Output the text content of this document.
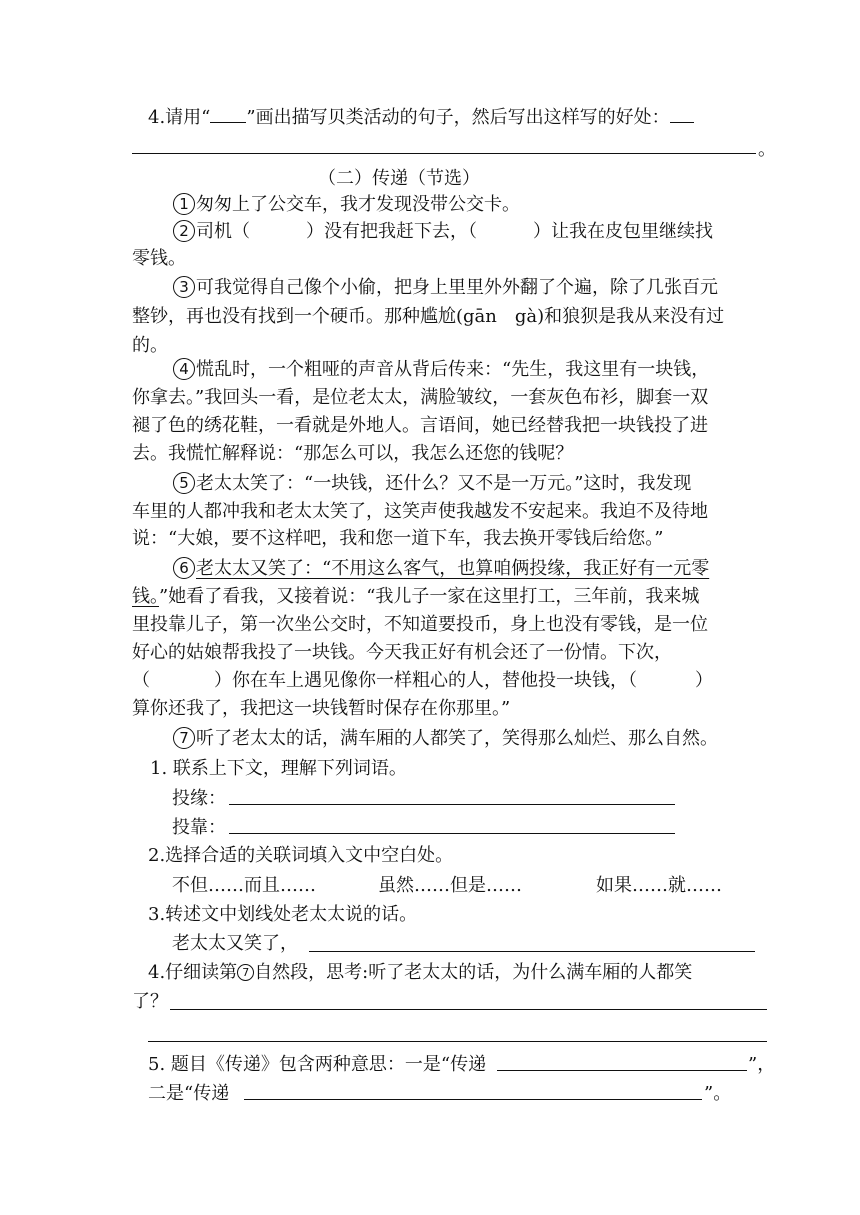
4.请用“ ”画出描写贝类活动的句子，然后写出这样写的好处：
。
（二）传递（节选）
1 匆匆上了公交车，我才发现没带公交卡。
2 司机（	）没有把我赶下去，（	）让我在皮包里继续找
零钱。
3 可我觉得自己像个小偷，把身上里里外外翻了个遍，除了几张百元
整钞，再也没有找到一个硬币。那种尴尬(gān　gà)和狼狈是我从来没有过
的。
4 慌乱时，一个粗哑的声音从背后传来：“先生，我这里有一块钱，
你拿去。”我回头一看，是位老太太，满脸皱纹，一套灰色布衫，脚套一双
褪了色的绣花鞋，一看就是外地人。言语间，她已经替我把一块钱投了进
去。我慌忙解释说：“那怎么可以，我怎么还您的钱呢？
5 老太太笑了：“一块钱，还什么？又不是一万元。”这时，我发现
车里的人都冲我和老太太笑了，这笑声使我越发不安起来。我迫不及待地
说：“大娘，要不这样吧，我和您一道下车，我去换开零钱后给您。”
6 老太太又笑了：“不用这么客气，也算咱俩投缘，我正好有一元零
钱。”她看了看我，又接着说：“我儿子一家在这里打工，三年前，我来城
里投靠儿子，第一次坐公交时，不知道要投币，身上也没有零钱，是一位
好心的姑娘帮我投了一块钱。今天我正好有机会还了一份情。下次，
（	）你在车上遇见像你一样粗心的人，替他投一块钱，（	）
算你还我了，我把这一块钱暂时保存在你那里。”
7 听了老太太的话，满车厢的人都笑了，笑得那么灿烂、那么自然。
1. 联系上下文，理解下列词语。
投缘：
投靠：
2.选择合适的关联词填入文中空白处。
不但……而且……	虽然……但是……	如果……就……
3.转述文中划线处老太太说的话。
老太太又笑了，
4.仔细读第 7 自然段，思考:听了老太太的话，为什么满车厢的人都笑
了？
5. 题目《传递》包含两种意思：一是“传递	”，
二是“传递	”。
